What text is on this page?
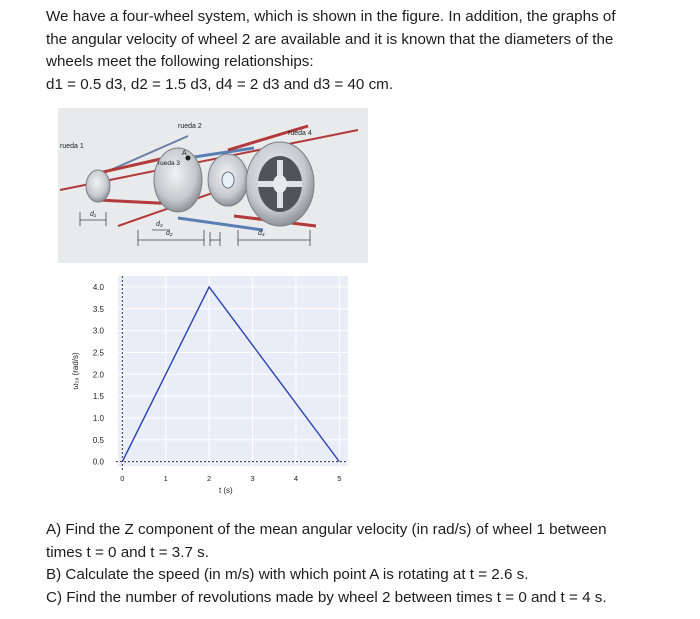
We have a four-wheel system, which is shown in the figure. In addition, the graphs of

the angular velocity of wheel 2 are available and it is known that the diameters of the

wheels meet the following relationships:

d1 = 0.5 d3, d2 = 1.5 d3, d4 = 2 d3 and d3 = 40 cm.

rueda 1
rueda 2
rueda 3
rueda 4
A
d₁
d₂
d₃
d₄
0.0
0.5
1.0
1.5
2.0
2.5
3.0
3.5
4.0
0	1	2	3	4	5
t (s)
ω₂ₓ (rad/s)

A) Find the Z component of the mean angular velocity (in rad/s) of wheel 1 between

times t = 0 and t = 3.7 s.

B) Calculate the speed (in m/s) with which point A is rotating at t = 2.6 s.

C) Find the number of revolutions made by wheel 2 between times t = 0 and t = 4 s.
